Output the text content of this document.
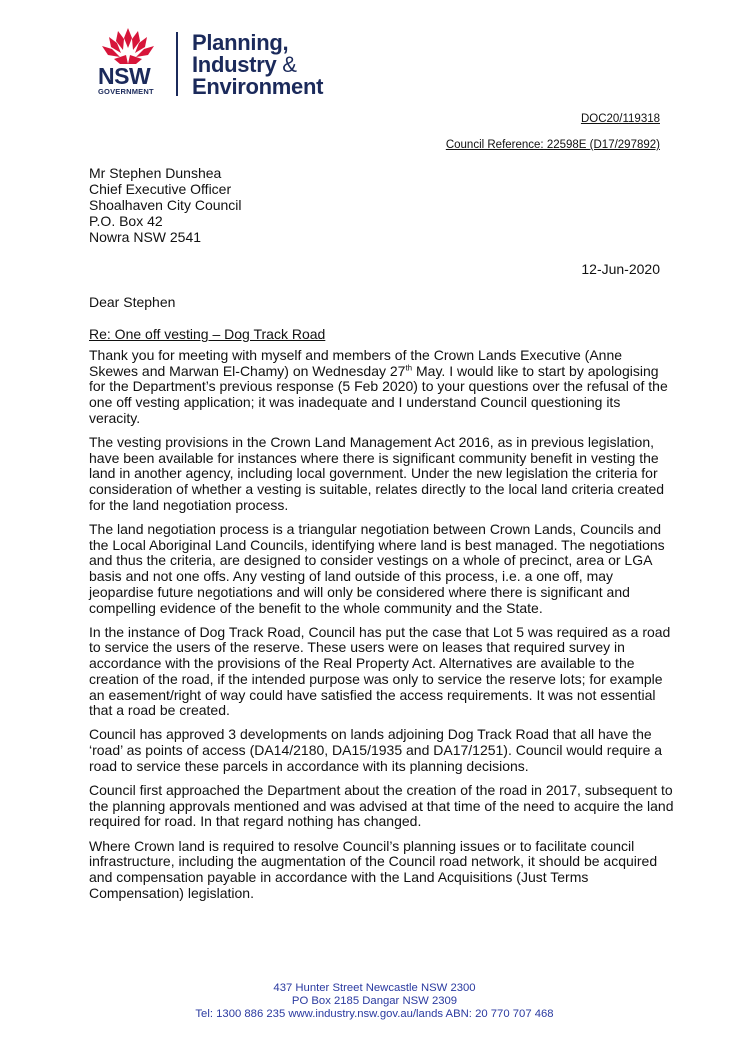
NSW
GOVERNMENT
Planning,
Industry &
Environment
DOC20/119318
Council Reference: 22598E (D17/297892)
Mr Stephen Dunshea
Chief Executive Officer
Shoalhaven City Council
P.O. Box 42
Nowra NSW 2541
12-Jun-2020
Dear Stephen
Re: One off vesting – Dog Track Road

Thank you for meeting with myself and members of the Crown Lands Executive (Anne Skewes and Marwan El-Chamy) on Wednesday 27th May. I would like to start by apologising for the Department’s previous response (5 Feb 2020) to your questions over the refusal of the one off vesting application; it was inadequate and I understand Council questioning its veracity.

The vesting provisions in the Crown Land Management Act 2016, as in previous legislation, have been available for instances where there is significant community benefit in vesting the land in another agency, including local government. Under the new legislation the criteria for consideration of whether a vesting is suitable, relates directly to the local land criteria created for the land negotiation process.

The land negotiation process is a triangular negotiation between Crown Lands, Councils and the Local Aboriginal Land Councils, identifying where land is best managed. The negotiations and thus the criteria, are designed to consider vestings on a whole of precinct, area or LGA basis and not one offs. Any vesting of land outside of this process, i.e. a one off, may jeopardise future negotiations and will only be considered where there is significant and compelling evidence of the benefit to the whole community and the State.

In the instance of Dog Track Road, Council has put the case that Lot 5 was required as a road to service the users of the reserve. These users were on leases that required survey in accordance with the provisions of the Real Property Act. Alternatives are available to the creation of the road, if the intended purpose was only to service the reserve lots; for example an easement/right of way could have satisfied the access requirements. It was not essential that a road be created.

Council has approved 3 developments on lands adjoining Dog Track Road that all have the ‘road’ as points of access (DA14/2180, DA15/1935 and DA17/1251). Council would require a road to service these parcels in accordance with its planning decisions.

Council first approached the Department about the creation of the road in 2017, subsequent to the planning approvals mentioned and was advised at that time of the need to acquire the land required for road. In that regard nothing has changed.

Where Crown land is required to resolve Council’s planning issues or to facilitate council infrastructure, including the augmentation of the Council road network, it should be acquired and compensation payable in accordance with the Land Acquisitions (Just Terms Compensation) legislation.

437 Hunter Street Newcastle NSW 2300
PO Box 2185 Dangar NSW 2309
Tel: 1300 886 235 www.industry.nsw.gov.au/lands ABN: 20 770 707 468
